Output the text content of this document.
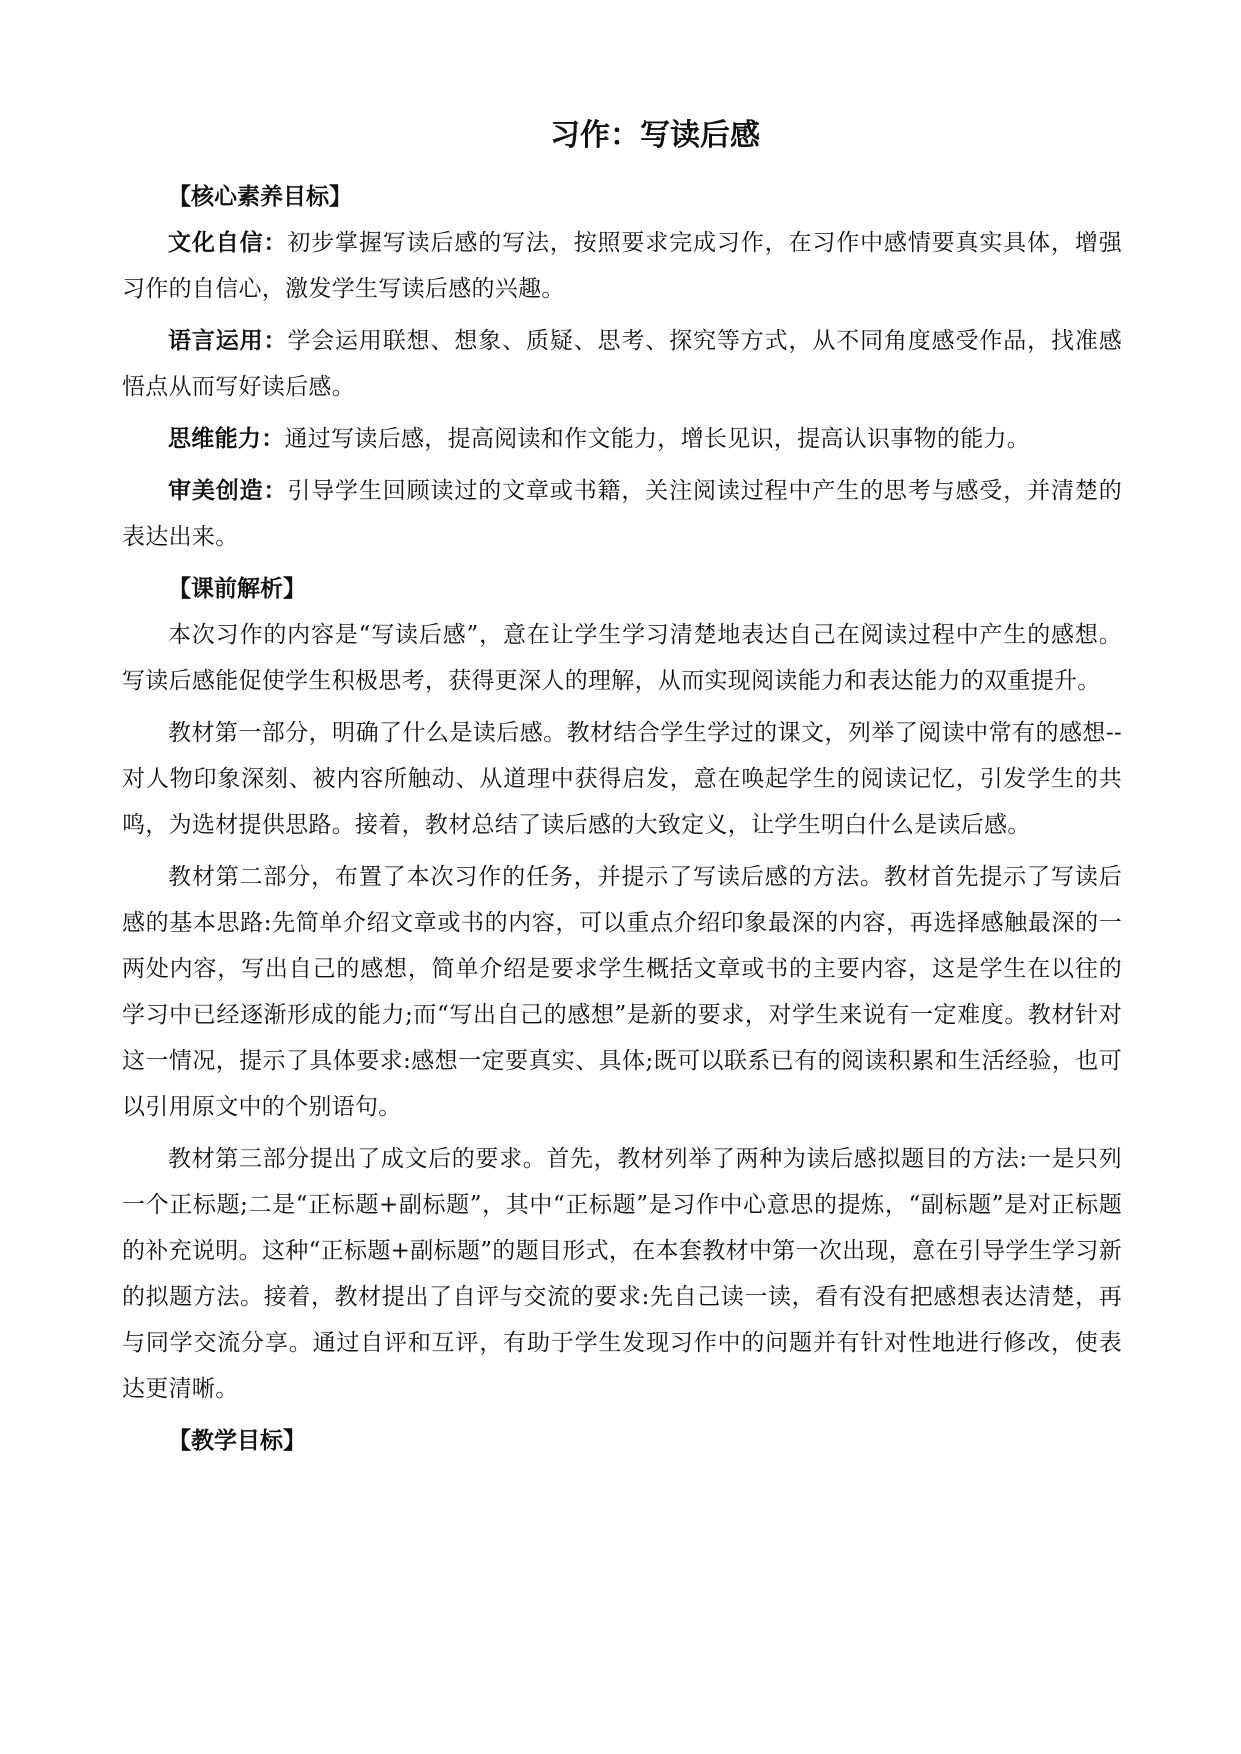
习作：写读后感

【核心素养目标】

文化自信：初步掌握写读后感的写法，按照要求完成习作，在习作中感情要真实具体，增强习作的自信心，激发学生写读后感的兴趣。

语言运用：学会运用联想、想象、质疑、思考、探究等方式，从不同角度感受作品，找准感悟点从而写好读后感。

思维能力：通过写读后感，提高阅读和作文能力，增长见识，提高认识事物的能力。

审美创造：引导学生回顾读过的文章或书籍，关注阅读过程中产生的思考与感受，并清楚的表达出来。

【课前解析】

本次习作的内容是“写读后感”，意在让学生学习清楚地表达自己在阅读过程中产生的感想。写读后感能促使学生积极思考，获得更深人的理解，从而实现阅读能力和表达能力的双重提升。

教材第一部分，明确了什么是读后感。教材结合学生学过的课文，列举了阅读中常有的感想--对人物印象深刻、被内容所触动、从道理中获得启发，意在唤起学生的阅读记忆，引发学生的共鸣，为选材提供思路。接着，教材总结了读后感的大致定义，让学生明白什么是读后感。

教材第二部分，布置了本次习作的任务，并提示了写读后感的方法。教材首先提示了写读后感的基本思路:先简单介绍文章或书的内容，可以重点介绍印象最深的内容，再选择感触最深的一两处内容，写出自己的感想，简单介绍是要求学生概括文章或书的主要内容，这是学生在以往的学习中已经逐渐形成的能力;而“写出自己的感想”是新的要求，对学生来说有一定难度。教材针对这一情况，提示了具体要求:感想一定要真实、具体;既可以联系已有的阅读积累和生活经验，也可以引用原文中的个别语句。

教材第三部分提出了成文后的要求。首先，教材列举了两种为读后感拟题目的方法:一是只列一个正标题;二是“正标题+副标题”，其中“正标题”是习作中心意思的提炼，“副标题”是对正标题的补充说明。这种“正标题+副标题”的题目形式，在本套教材中第一次出现，意在引导学生学习新的拟题方法。接着，教材提出了自评与交流的要求:先自己读一读，看有没有把感想表达清楚，再与同学交流分享。通过自评和互评，有助于学生发现习作中的问题并有针对性地进行修改，使表达更清晰。

【教学目标】
